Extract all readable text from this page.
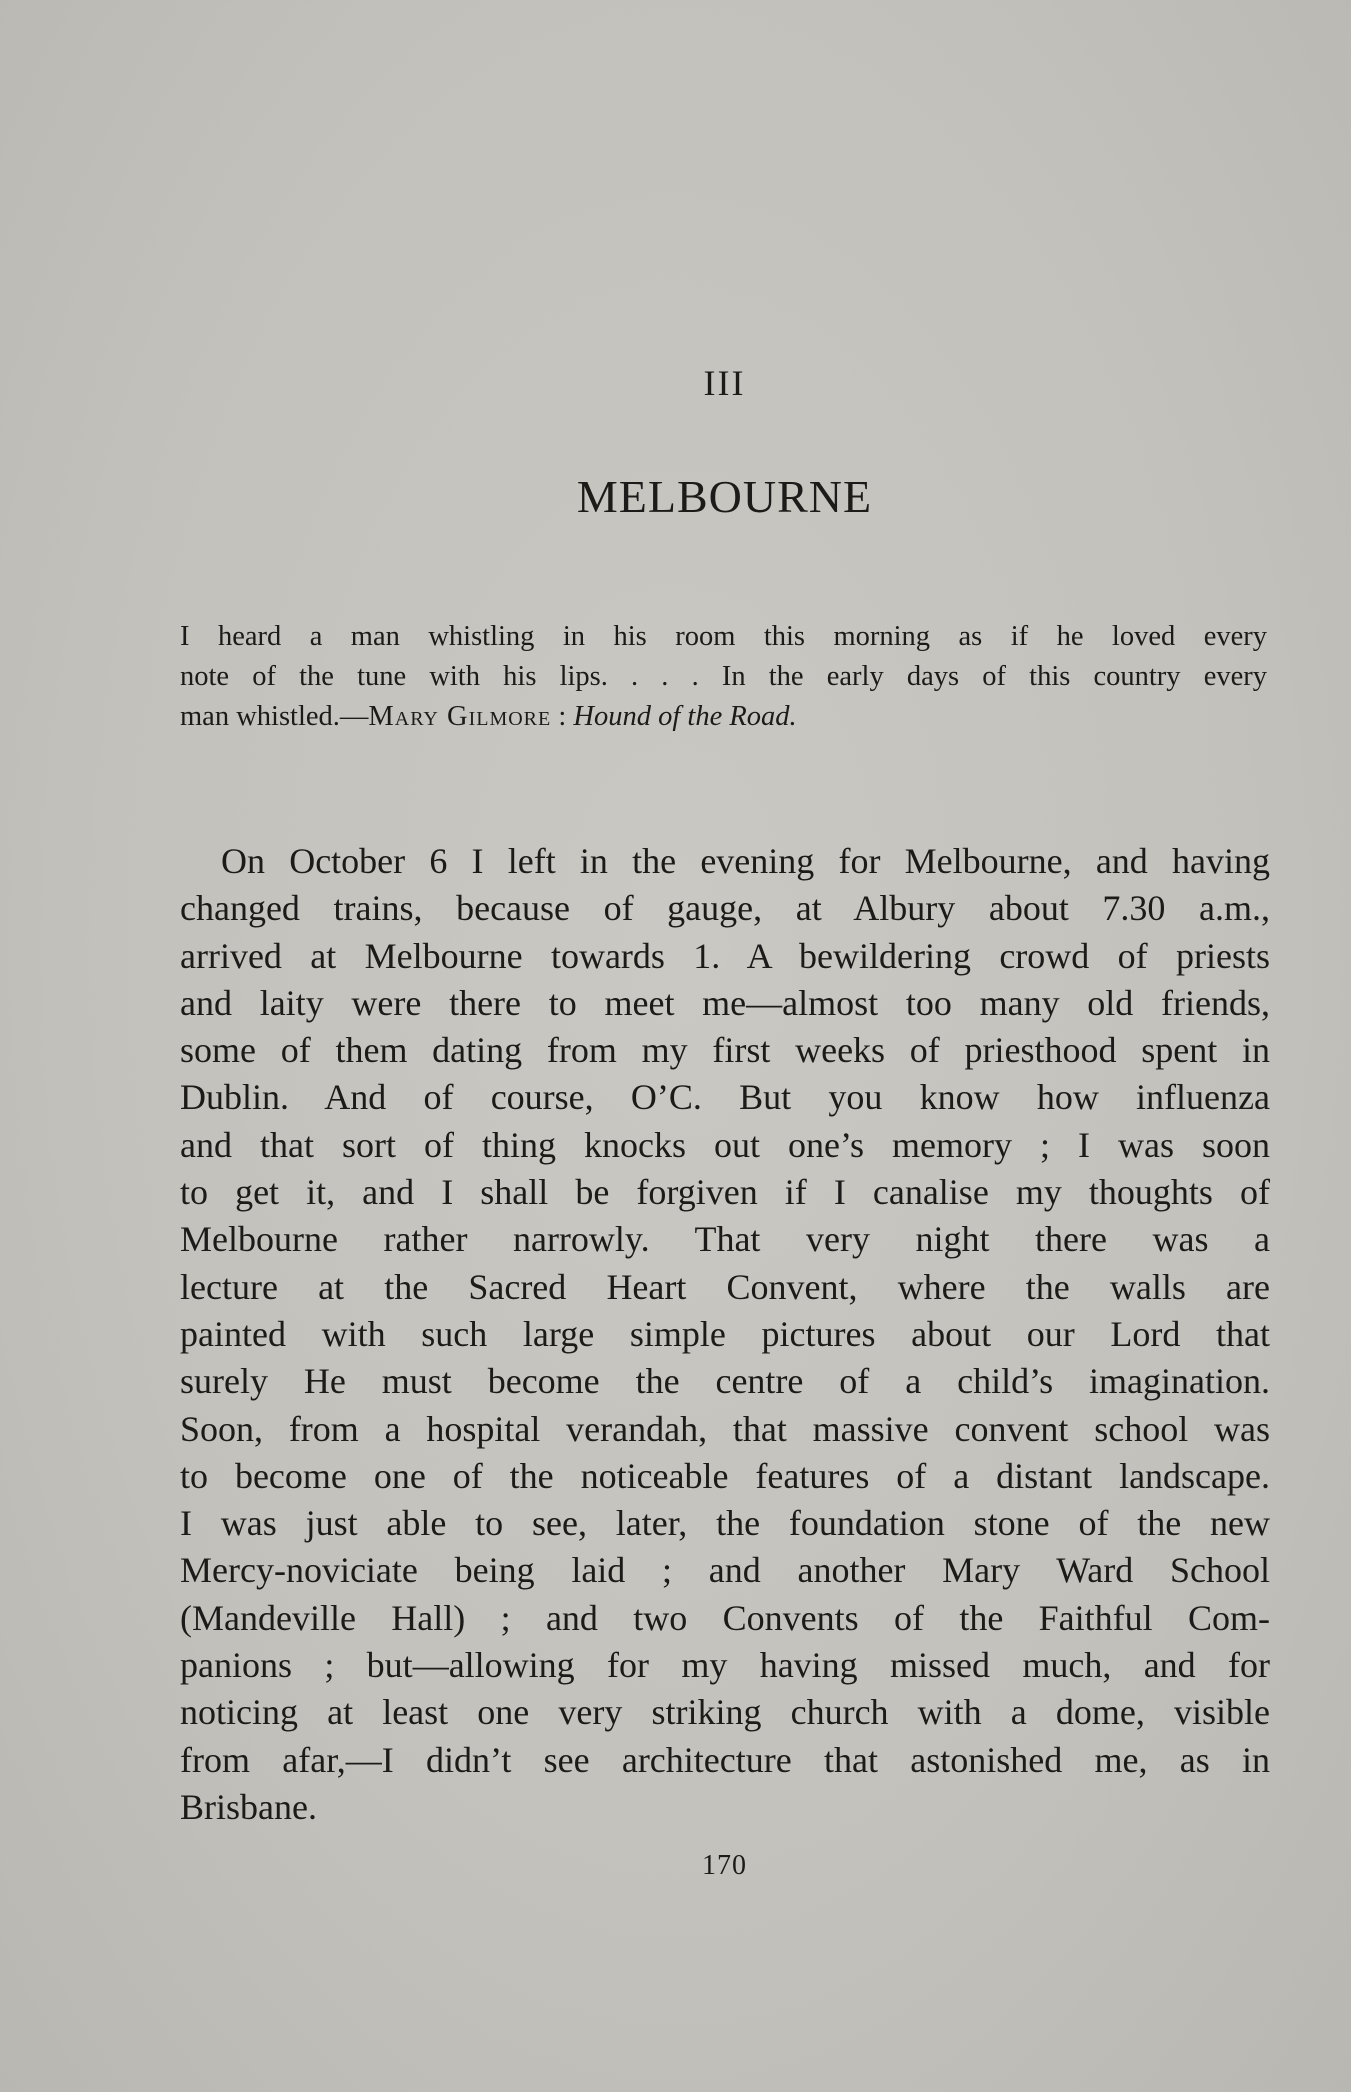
III
MELBOURNE
I heard a man whistling in his room this morning as if he loved every
note of the tune with his lips. . . . In the early days of this country every
man whistled.—Mary Gilmore : Hound of the Road.
On October 6 I left in the evening for Melbourne, and having
changed trains, because of gauge, at Albury about 7.30 a.m.,
arrived at Melbourne towards 1. A bewildering crowd of priests
and laity were there to meet me—almost too many old friends,
some of them dating from my first weeks of priesthood spent in
Dublin. And of course, O’C. But you know how influenza
and that sort of thing knocks out one’s memory ; I was soon
to get it, and I shall be forgiven if I canalise my thoughts of
Melbourne rather narrowly. That very night there was a
lecture at the Sacred Heart Convent, where the walls are
painted with such large simple pictures about our Lord that
surely He must become the centre of a child’s imagination.
Soon, from a hospital verandah, that massive convent school was
to become one of the noticeable features of a distant landscape.
I was just able to see, later, the foundation stone of the new
Mercy-noviciate being laid ; and another Mary Ward School
(Mandeville Hall) ; and two Convents of the Faithful Com-
panions ; but—allowing for my having missed much, and for
noticing at least one very striking church with a dome, visible
from afar,—I didn’t see architecture that astonished me, as in
Brisbane.
170
